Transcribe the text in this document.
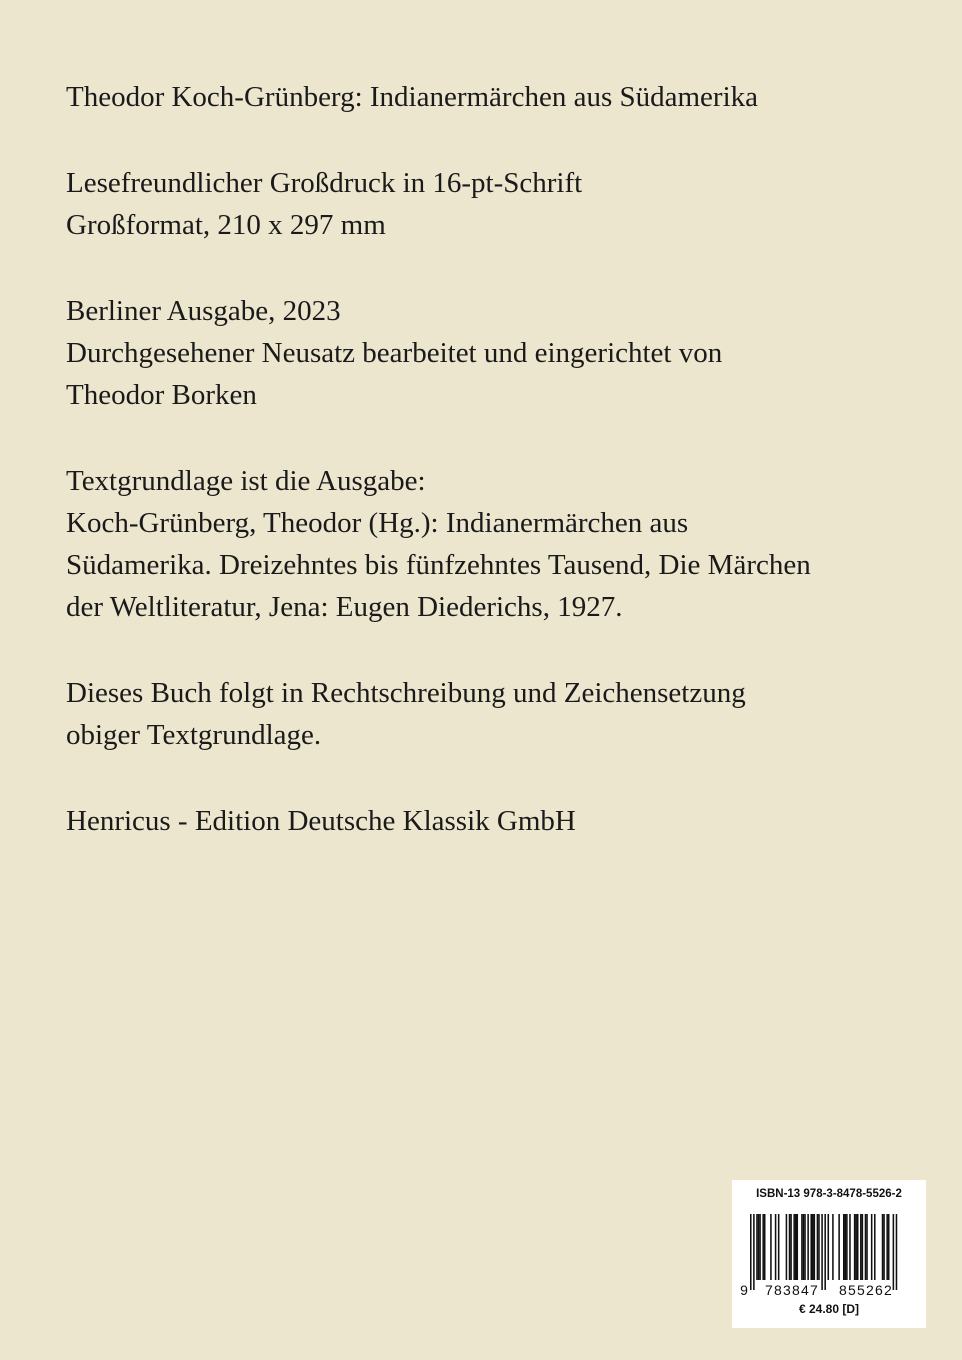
Theodor Koch-Grünberg: Indianermärchen aus Südamerika

Lesefreundlicher Großdruck in 16-pt-Schrift
Großformat, 210 x 297 mm

Berliner Ausgabe, 2023
Durchgesehener Neusatz bearbeitet und eingerichtet von
Theodor Borken

Textgrundlage ist die Ausgabe:
Koch-Grünberg, Theodor (Hg.): Indianermärchen aus
Südamerika. Dreizehntes bis fünfzehntes Tausend, Die Märchen
der Weltliteratur, Jena: Eugen Diederichs, 1927.

Dieses Buch folgt in Rechtschreibung und Zeichensetzung
obiger Textgrundlage.

Henricus - Edition Deutsche Klassik GmbH

ISBN-13 978-3-8478-5526-2
9 783847 855262
€ 24.80 [D]
